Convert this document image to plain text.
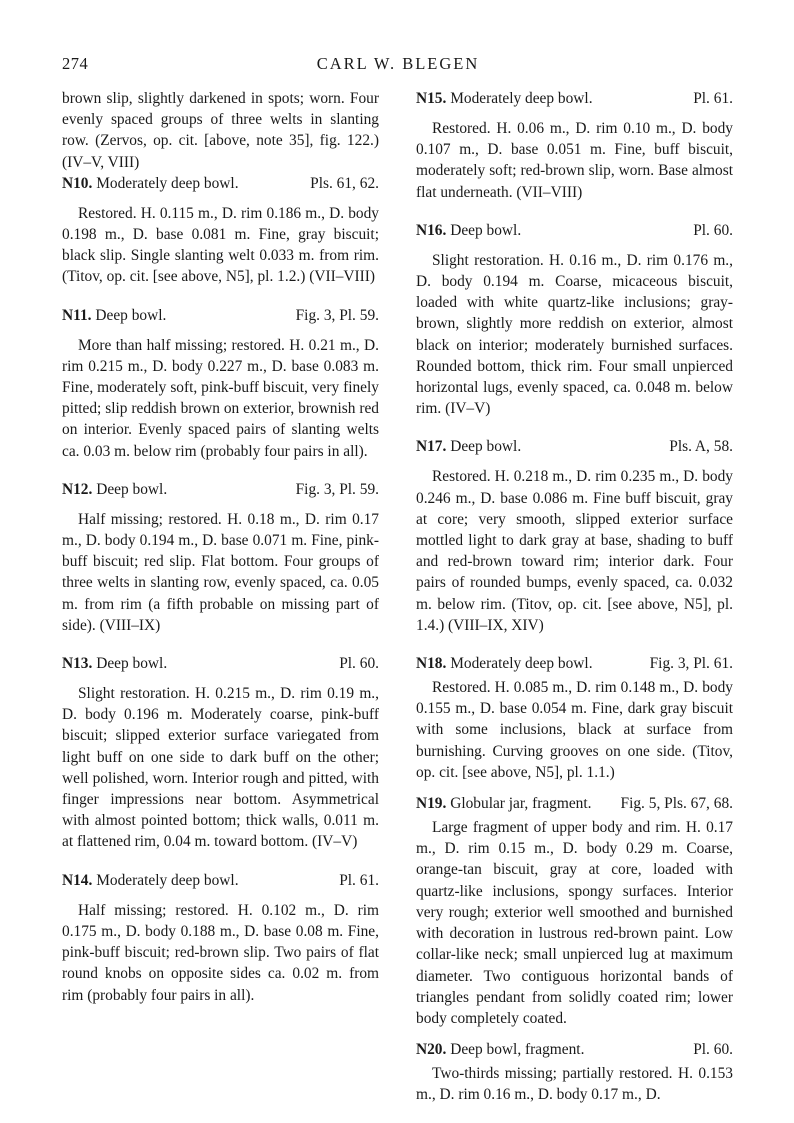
CARL W. BLEGEN
274

brown slip, slightly darkened in spots; worn. Four evenly spaced groups of three welts in slanting row. (Zervos, op. cit. [above, note 35], fig. 122.) (IV–V, VIII)

N10. Moderately deep bowl.	Pls. 61, 62.

Restored. H. 0.115 m., D. rim 0.186 m., D. body 0.198 m., D. base 0.081 m. Fine, gray biscuit; black slip. Single slanting welt 0.033 m. from rim. (Titov, op. cit. [see above, N5], pl. 1.2.) (VII–VIII)

N11. Deep bowl.	Fig. 3, Pl. 59.

More than half missing; restored. H. 0.21 m., D. rim 0.215 m., D. body 0.227 m., D. base 0.083 m. Fine, moderately soft, pink-buff biscuit, very finely pitted; slip reddish brown on exterior, brownish red on interior. Evenly spaced pairs of slanting welts ca. 0.03 m. below rim (probably four pairs in all).

N12. Deep bowl.	Fig. 3, Pl. 59.

Half missing; restored. H. 0.18 m., D. rim 0.17 m., D. body 0.194 m., D. base 0.071 m. Fine, pink-buff biscuit; red slip. Flat bottom. Four groups of three welts in slanting row, evenly spaced, ca. 0.05 m. from rim (a fifth probable on missing part of side). (VIII–IX)

N13. Deep bowl.	Pl. 60.

Slight restoration. H. 0.215 m., D. rim 0.19 m., D. body 0.196 m. Moderately coarse, pink-buff biscuit; slipped exterior surface variegated from light buff on one side to dark buff on the other; well polished, worn. Interior rough and pitted, with finger impressions near bottom. Asymmetrical with almost pointed bottom; thick walls, 0.011 m. at flattened rim, 0.04 m. toward bottom. (IV–V)

N14. Moderately deep bowl.	Pl. 61.

Half missing; restored. H. 0.102 m., D. rim 0.175 m., D. body 0.188 m., D. base 0.08 m. Fine, pink-buff biscuit; red-brown slip. Two pairs of flat round knobs on opposite sides ca. 0.02 m. from rim (probably four pairs in all).

N15. Moderately deep bowl.	Pl. 61.

Restored. H. 0.06 m., D. rim 0.10 m., D. body 0.107 m., D. base 0.051 m. Fine, buff biscuit, moderately soft; red-brown slip, worn. Base almost flat underneath. (VII–VIII)

N16. Deep bowl.	Pl. 60.

Slight restoration. H. 0.16 m., D. rim 0.176 m., D. body 0.194 m. Coarse, micaceous biscuit, loaded with white quartz-like inclusions; gray-brown, slightly more reddish on exterior, almost black on interior; moderately burnished surfaces. Rounded bottom, thick rim. Four small unpierced horizontal lugs, evenly spaced, ca. 0.048 m. below rim. (IV–V)

N17. Deep bowl.	Pls. A, 58.

Restored. H. 0.218 m., D. rim 0.235 m., D. body 0.246 m., D. base 0.086 m. Fine buff biscuit, gray at core; very smooth, slipped exterior surface mottled light to dark gray at base, shading to buff and red-brown toward rim; interior dark. Four pairs of rounded bumps, evenly spaced, ca. 0.032 m. below rim. (Titov, op. cit. [see above, N5], pl. 1.4.) (VIII–IX, XIV)

N18. Moderately deep bowl.	Fig. 3, Pl. 61.

Restored. H. 0.085 m., D. rim 0.148 m., D. body 0.155 m., D. base 0.054 m. Fine, dark gray biscuit with some inclusions, black at surface from burnishing. Curving grooves on one side. (Titov, op. cit. [see above, N5], pl. 1.1.)

N19. Globular jar, fragment. Fig. 5, Pls. 67, 68.

Large fragment of upper body and rim. H. 0.17 m., D. rim 0.15 m., D. body 0.29 m. Coarse, orange-tan biscuit, gray at core, loaded with quartz-like inclusions, spongy surfaces. Interior very rough; exterior well smoothed and burnished with decoration in lustrous red-brown paint. Low collar-like neck; small unpierced lug at maximum diameter. Two contiguous horizontal bands of triangles pendant from solidly coated rim; lower body completely coated.

N20. Deep bowl, fragment.	Pl. 60.

Two-thirds missing; partially restored. H. 0.153 m., D. rim 0.16 m., D. body 0.17 m., D.
